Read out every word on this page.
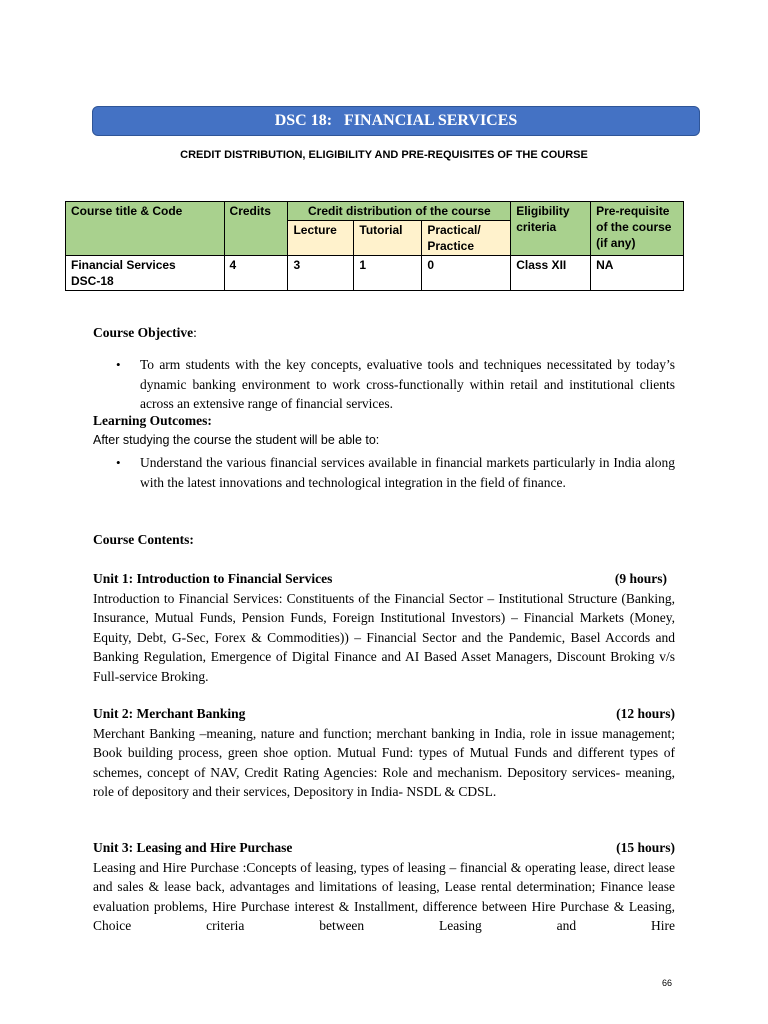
DSC 18:   FINANCIAL SERVICES
CREDIT DISTRIBUTION, ELIGIBILITY AND PRE-REQUISITES OF THE COURSE
Course title & Code	Credits	Credit distribution of the course			Eligibility criteria	Pre-requisite of the course (if any)
		Lecture	Tutorial	Practical/ Practice		

Financial Services
DSC-18	4	3	1	0	Class XII	NA
Course Objective:
• To arm students with the key concepts, evaluative tools and techniques necessitated by today’s dynamic banking environment to work cross-functionally within retail and institutional clients across an extensive range of financial services.
Learning Outcomes:
After studying the course the student will be able to:
• Understand the various financial services available in financial markets particularly in India along with the latest innovations and technological integration in the field of finance.
Course Contents:
Unit 1: Introduction to Financial Services	(9 hours)
Introduction to Financial Services: Constituents of the Financial Sector – Institutional Structure (Banking, Insurance, Mutual Funds, Pension Funds, Foreign Institutional Investors) – Financial Markets (Money, Equity, Debt, G-Sec, Forex & Commodities)) – Financial Sector and the Pandemic, Basel Accords and Banking Regulation, Emergence of Digital Finance and AI Based Asset Managers, Discount Broking v/s Full-service Broking.
Unit 2: Merchant Banking	(12 hours)
Merchant Banking –meaning, nature and function; merchant banking in India, role in issue management; Book building process, green shoe option. Mutual Fund: types of Mutual Funds and different types of schemes, concept of NAV, Credit Rating Agencies: Role and mechanism. Depository services- meaning, role of depository and their services, Depository in India- NSDL & CDSL.
Unit 3: Leasing and Hire Purchase	(15 hours)
Leasing and Hire Purchase :Concepts of leasing, types of leasing – financial & operating lease, direct lease and sales & lease back, advantages and limitations of leasing, Lease rental determination; Finance lease evaluation problems, Hire Purchase interest & Installment, difference between Hire Purchase & Leasing, Choice criteria between Leasing and Hire
66
